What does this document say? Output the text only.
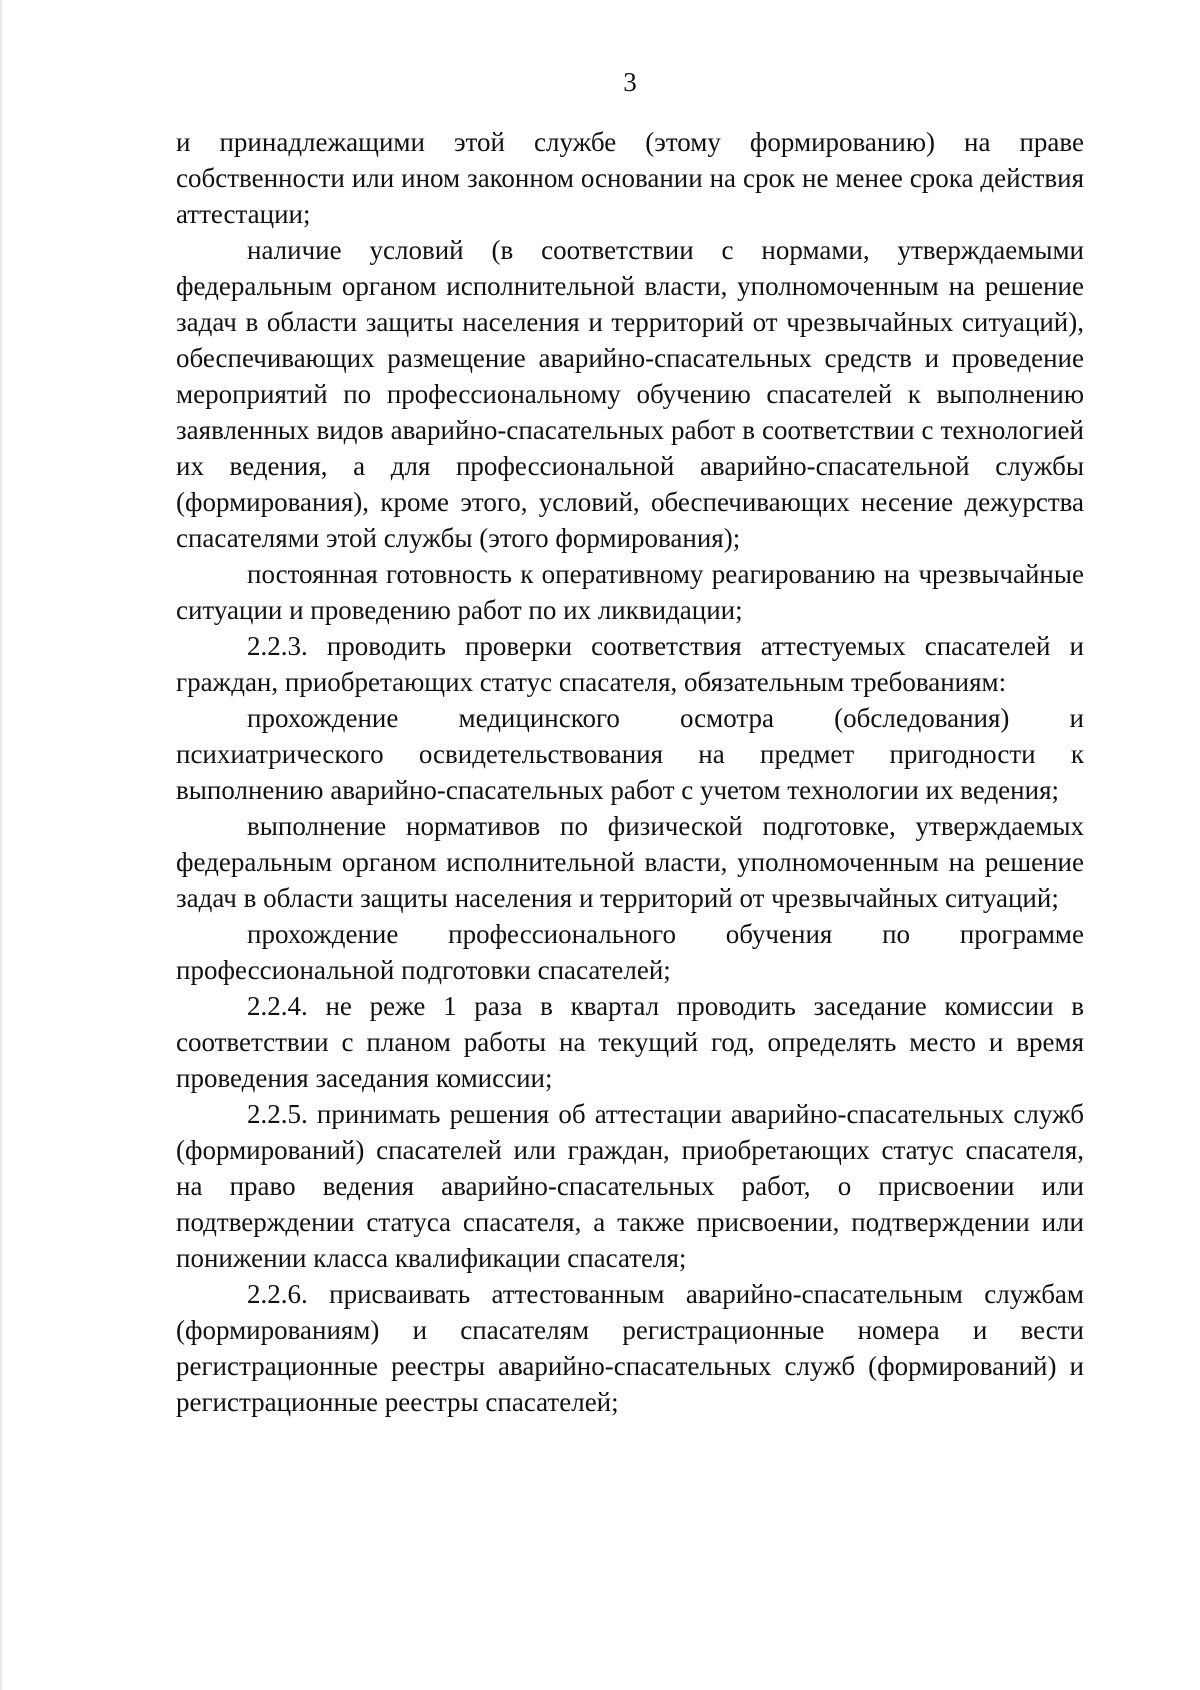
3

и принадлежащими этой службе (этому формированию) на праве собственности или ином законном основании на срок не менее срока действия аттестации;

наличие условий (в соответствии с нормами, утверждаемыми федеральным органом исполнительной власти, уполномоченным на решение задач в области защиты населения и территорий от чрезвычайных ситуаций), обеспечивающих размещение аварийно-спасательных средств и проведение мероприятий по профессиональному обучению спасателей к выполнению заявленных видов аварийно-спасательных работ в соответствии с технологией их ведения, а для профессиональной аварийно-спасательной службы (формирования), кроме этого, условий, обеспечивающих несение дежурства спасателями этой службы (этого формирования);

постоянная готовность к оперативному реагированию на чрезвычайные ситуации и проведению работ по их ликвидации;

2.2.3. проводить проверки соответствия аттестуемых спасателей и граждан, приобретающих статус спасателя, обязательным требованиям:

прохождение медицинского осмотра (обследования) и психиатрического освидетельствования на предмет пригодности к выполнению аварийно-спасательных работ с учетом технологии их ведения;

выполнение нормативов по физической подготовке, утверждаемых федеральным органом исполнительной власти, уполномоченным на решение задач в области защиты населения и территорий от чрезвычайных ситуаций;

прохождение профессионального обучения по программе профессиональной подготовки спасателей;

2.2.4. не реже 1 раза в квартал проводить заседание комиссии в соответствии с планом работы на текущий год, определять место и время проведения заседания комиссии;

2.2.5. принимать решения об аттестации аварийно-спасательных служб (формирований) спасателей или граждан, приобретающих статус спасателя, на право ведения аварийно-спасательных работ, о присвоении или подтверждении статуса спасателя, а также присвоении, подтверждении или понижении класса квалификации спасателя;

2.2.6. присваивать аттестованным аварийно-спасательным службам (формированиям) и спасателям регистрационные номера и вести регистрационные реестры аварийно-спасательных служб (формирований) и регистрационные реестры спасателей;
